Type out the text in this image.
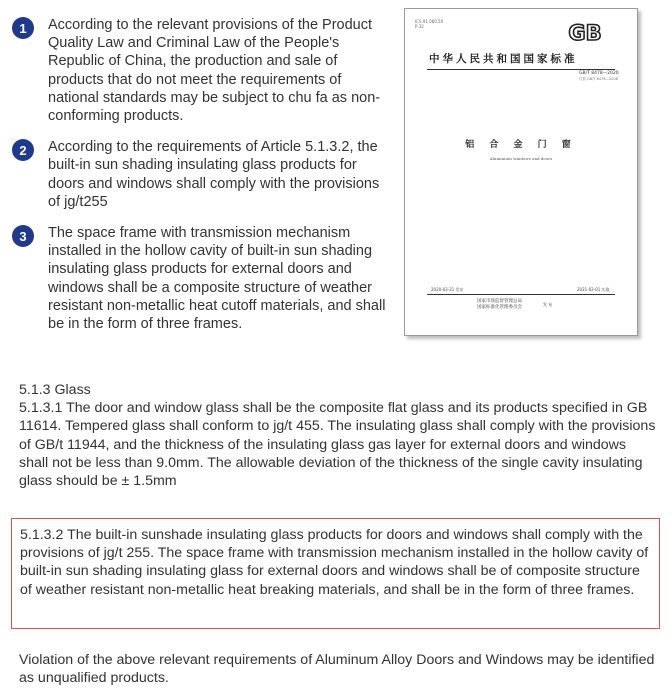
1	According to the relevant provisions of the Product Quality Law and Criminal Law of the People's Republic of China, the production and sale of products that do not meet the requirements of national standards may be subject to chu fa as non-conforming products.
2	According to the requirements of Article 5.1.3.2, the built-in sun shading insulating glass products for doors and windows shall comply with the provisions of jg/t255
3	The space frame with transmission mechanism installed in the hollow cavity of built-in sun shading insulating glass products for external doors and windows shall be a composite structure of weather resistant non-metallic heat cutoff materials, and shall be in the form of three frames.
ICS 91.060.50
P 32	GB
中华人民共和国国家标准
GB/T 8478—2020
代替 GB/T 8478—2008
铝 合 金 门 窗
Aluminium windows and doors
2020-03-31 发布	2021-02-01 实施
国家市场监督管理总局
国家标准化管理委员会
发 布

5.1.3 Glass

5.1.3.1 The door and window glass shall be the composite flat glass and its products specified in GB 11614. Tempered glass shall conform to jg/t 455. The insulating glass shall comply with the provisions of GB/t 11944, and the thickness of the insulating glass gas layer for external doors and windows shall not be less than 9.0mm. The allowable deviation of the thickness of the single cavity insulating glass should be ± 1.5mm

5.1.3.2 The built-in sunshade insulating glass products for doors and windows shall comply with the provisions of jg/t 255. The space frame with transmission mechanism installed in the hollow cavity of built-in sun shading insulating glass for external doors and windows shall be of composite structure of weather resistant non-metallic heat breaking materials, and shall be in the form of three frames.

Violation of the above relevant requirements of Aluminum Alloy Doors and Windows may be identified as unqualified products.
